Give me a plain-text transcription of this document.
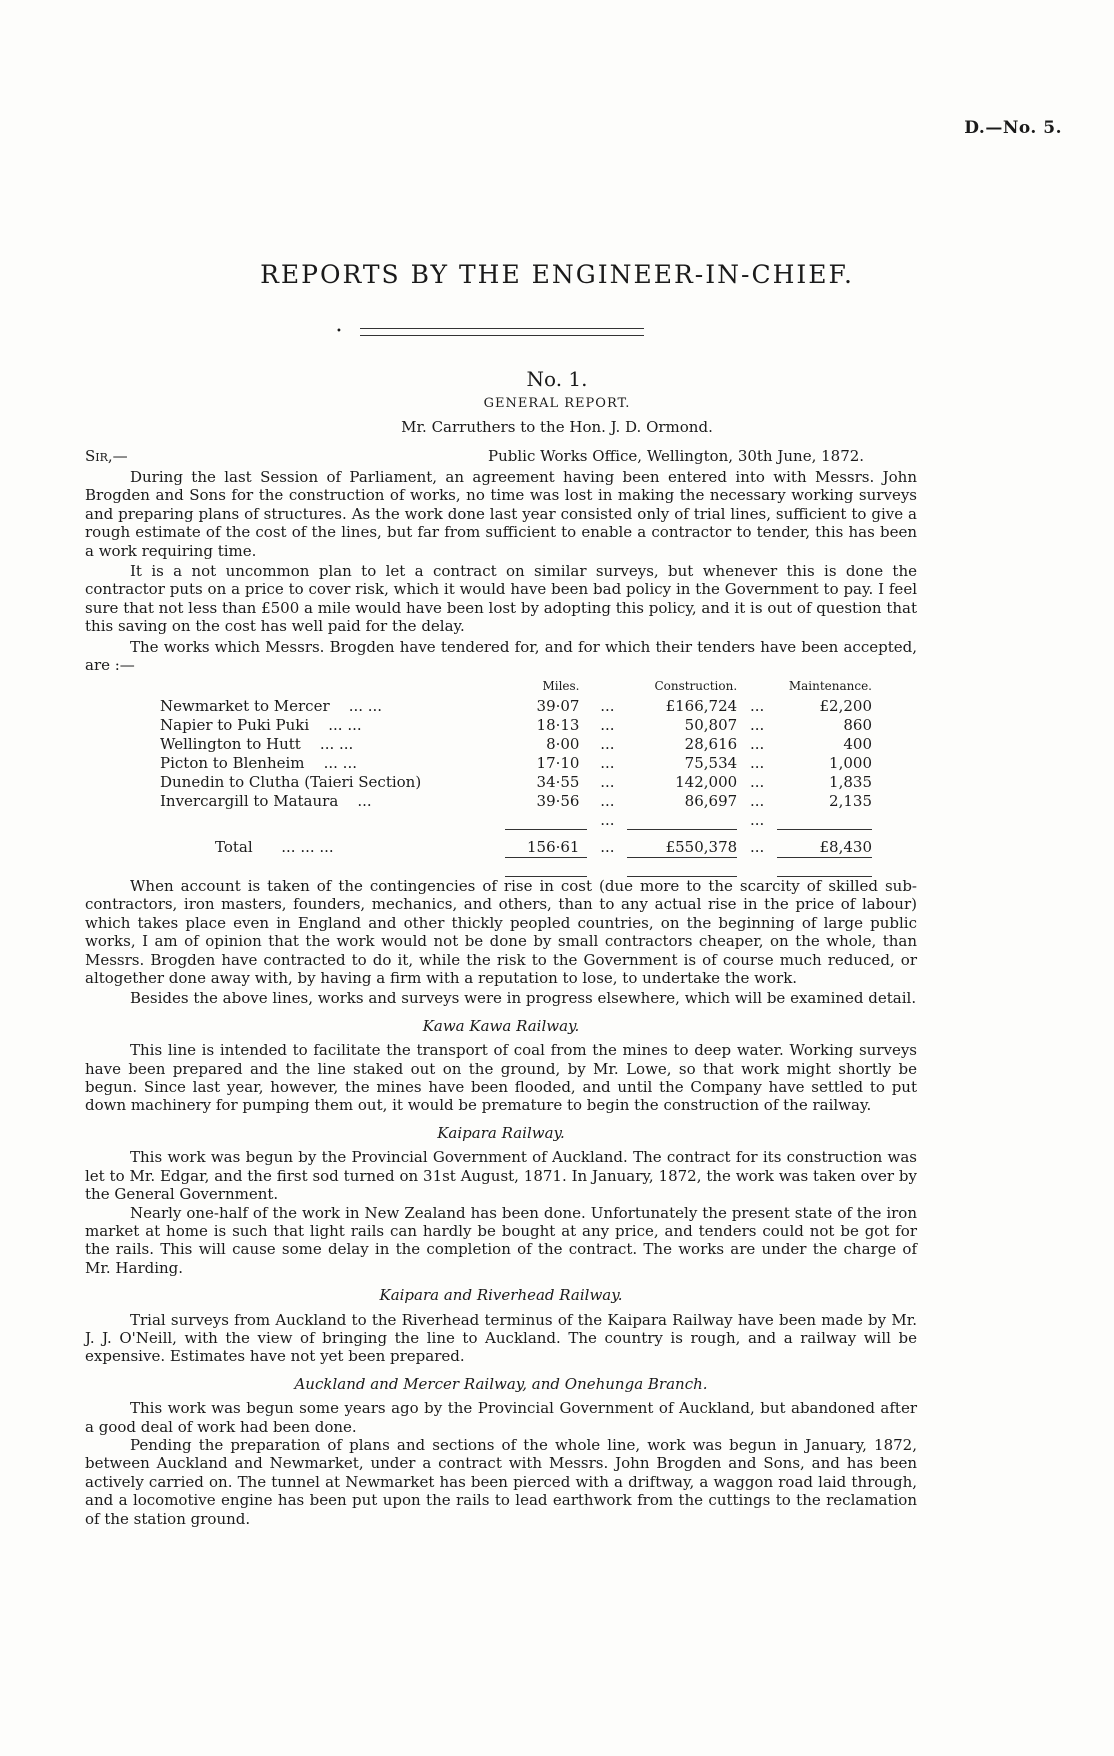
D.—No. 5.
REPORTS BY THE ENGINEER-IN-CHIEF.
•
No. 1.
GENERAL REPORT.
Mr. Carruthers to the Hon. J. D. Ormond.
Sir,—	Public Works Office, Wellington, 30th June, 1872.

During the last Session of Parliament, an agreement having been entered into with Messrs. John Brogden and Sons for the construction of works, no time was lost in making the necessary working surveys and preparing plans of structures. As the work done last year consisted only of trial lines, sufficient to give a rough estimate of the cost of the lines, but far from sufficient to enable a contractor to tender, this has been a work requiring time.

It is a not uncommon plan to let a contract on similar surveys, but whenever this is done the contractor puts on a price to cover risk, which it would have been bad policy in the Government to pay. I feel sure that not less than £500 a mile would have been lost by adopting this policy, and it is out of question that this saving on the cost has well paid for the delay.

The works which Messrs. Brogden have tendered for, and for which their tenders have been accepted, are :—

	Miles.		Construction.		Maintenance.
Newmarket to Mercer ... ...	39·07	...	£166,724	...	£2,200
Napier to Puki Puki ... ...	18·13	...	50,807	...	860
Wellington to Hutt ... ...	8·00	...	28,616	...	400
Picton to Blenheim ... ...	17·10	...	75,534	...	1,000
Dunedin to Clutha (Taieri Section)	34·55	...	142,000	...	1,835
Invercargill to Mataura ...	39·56	...	86,697	...	2,135
		...		...	
Total ... ... ...	156·61	...	£550,378	...	£8,430

When account is taken of the contingencies of rise in cost (due more to the scarcity of skilled sub-contractors, iron masters, founders, mechanics, and others, than to any actual rise in the price of labour) which takes place even in England and other thickly peopled countries, on the beginning of large public works, I am of opinion that the work would not be done by small contractors cheaper, on the whole, than Messrs. Brogden have contracted to do it, while the risk to the Government is of course much reduced, or altogether done away with, by having a firm with a reputation to lose, to undertake the work.

Besides the above lines, works and surveys were in progress elsewhere, which will be examined detail.

Kawa Kawa Railway.

This line is intended to facilitate the transport of coal from the mines to deep water. Working surveys have been prepared and the line staked out on the ground, by Mr. Lowe, so that work might shortly be begun. Since last year, however, the mines have been flooded, and until the Company have settled to put down machinery for pumping them out, it would be premature to begin the construction of the railway.

Kaipara Railway.

This work was begun by the Provincial Government of Auckland. The contract for its construction was let to Mr. Edgar, and the first sod turned on 31st August, 1871. In January, 1872, the work was taken over by the General Government.

Nearly one-half of the work in New Zealand has been done. Unfortunately the present state of the iron market at home is such that light rails can hardly be bought at any price, and tenders could not be got for the rails. This will cause some delay in the completion of the contract. The works are under the charge of Mr. Harding.

Kaipara and Riverhead Railway.

Trial surveys from Auckland to the Riverhead terminus of the Kaipara Railway have been made by Mr. J. J. O'Neill, with the view of bringing the line to Auckland. The country is rough, and a railway will be expensive. Estimates have not yet been prepared.

Auckland and Mercer Railway, and Onehunga Branch.

This work was begun some years ago by the Provincial Government of Auckland, but abandoned after a good deal of work had been done.

Pending the preparation of plans and sections of the whole line, work was begun in January, 1872, between Auckland and Newmarket, under a contract with Messrs. John Brogden and Sons, and has been actively carried on. The tunnel at Newmarket has been pierced with a driftway, a waggon road laid through, and a locomotive engine has been put upon the rails to lead earthwork from the cuttings to the reclamation of the station ground.
